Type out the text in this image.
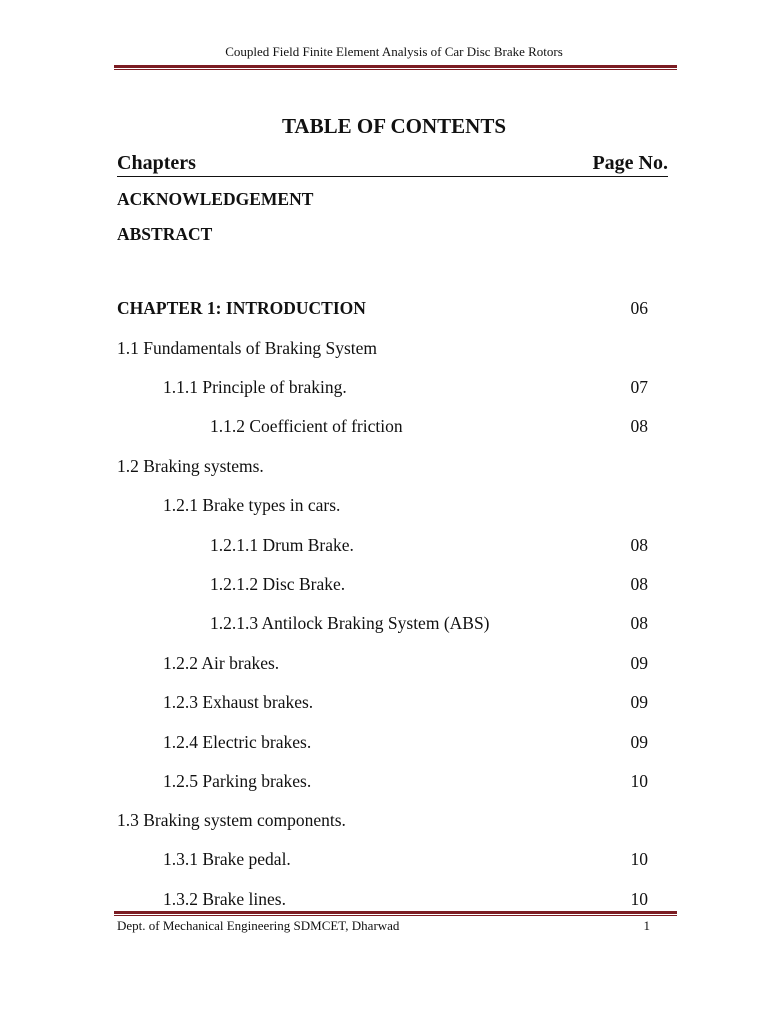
Coupled Field Finite Element Analysis of Car Disc Brake Rotors
TABLE OF CONTENTS
Chapters	Page No.
ACKNOWLEDGEMENT
ABSTRACT
CHAPTER 1: INTRODUCTION	06
1.1 Fundamentals of Braking System
1.1.1 Principle of braking.	07
1.1.2 Coefficient of friction	08
1.2 Braking systems.
1.2.1 Brake types in cars.
1.2.1.1 Drum Brake.	08
1.2.1.2 Disc Brake.	08
1.2.1.3 Antilock Braking System (ABS)	08
1.2.2 Air brakes.	09
1.2.3 Exhaust brakes.	09
1.2.4 Electric brakes.	09
1.2.5 Parking brakes.	10
1.3 Braking system components.
1.3.1 Brake pedal.	10
1.3.2 Brake lines.	10
Dept. of Mechanical Engineering SDMCET, Dharwad	1
